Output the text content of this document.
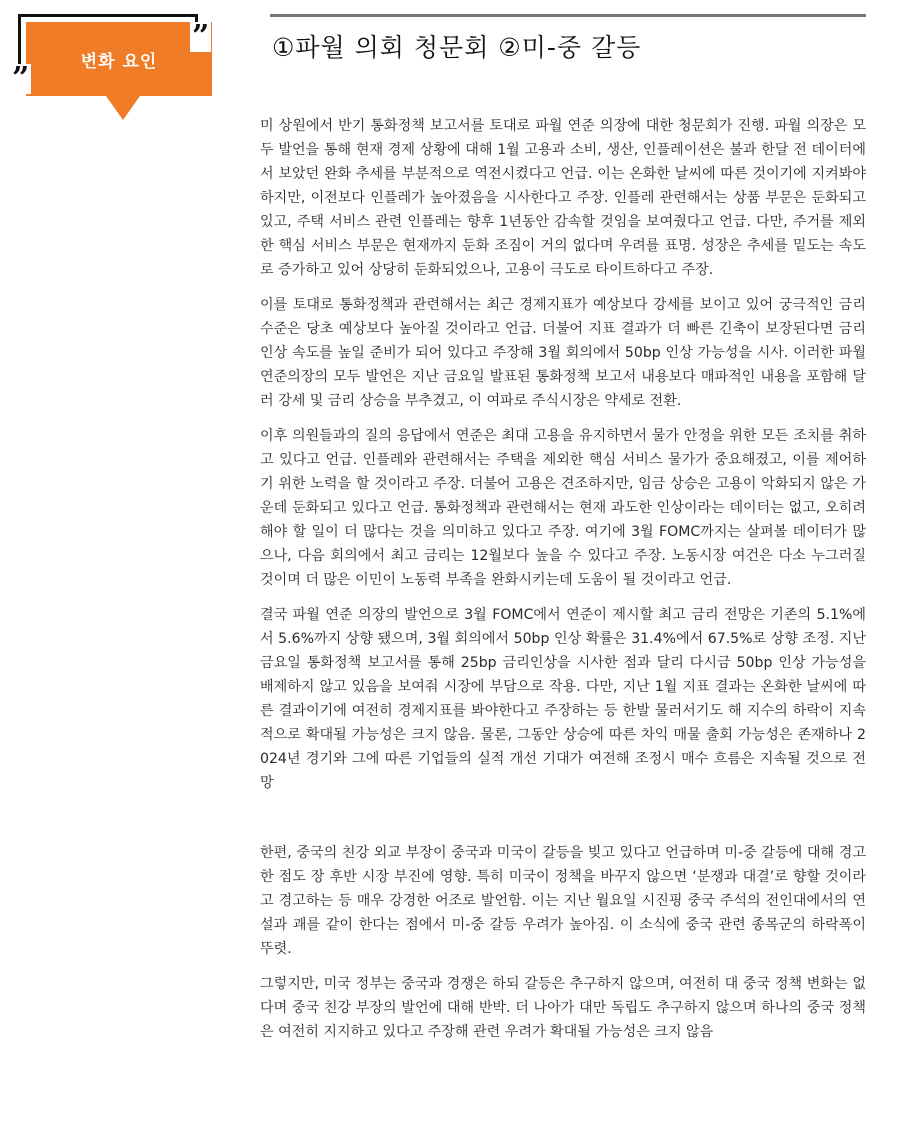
변화 요인
”
”
①파월 의회 청문회 ②미-중 갈등

미 상원에서 반기 통화정책 보고서를 토대로 파월 연준 의장에 대한 청문회가 진행. 파월 의장은 모두 발언을 통해 현재 경제 상황에 대해 1월 고용과 소비, 생산, 인플레이션은 불과 한달 전 데이터에서 보았던 완화 추세를 부분적으로 역전시켰다고 언급. 이는 온화한 날씨에 따른 것이기에 지켜봐야 하지만, 이전보다 인플레가 높아졌음을 시사한다고 주장. 인플레 관련해서는 상품 부문은 둔화되고 있고, 주택 서비스 관련 인플레는 향후 1년동안 감속할 것임을 보여줬다고 언급. 다만, 주거를 제외한 핵심 서비스 부문은 현재까지 둔화 조짐이 거의 없다며 우려를 표명. 성장은 추세를 밑도는 속도로 증가하고 있어 상당히 둔화되었으나, 고용이 극도로 타이트하다고 주장.

이를 토대로 통화정책과 관련해서는 최근 경제지표가 예상보다 강세를 보이고 있어 궁극적인 금리 수준은 당초 예상보다 높아질 것이라고 언급. 더불어 지표 결과가 더 빠른 긴축이 보장된다면 금리 인상 속도를 높일 준비가 되어 있다고 주장해 3월 회의에서 50bp 인상 가능성을 시사. 이러한 파월 연준의장의 모두 발언은 지난 금요일 발표된 통화정책 보고서 내용보다 매파적인 내용을 포함해 달러 강세 및 금리 상승을 부추겼고, 이 여파로 주식시장은 약세로 전환.

이후 의원들과의 질의 응답에서 연준은 최대 고용을 유지하면서 물가 안정을 위한 모든 조치를 취하고 있다고 언급. 인플레와 관련해서는 주택을 제외한 핵심 서비스 물가가 중요해졌고, 이를 제어하기 위한 노력을 할 것이라고 주장. 더불어 고용은 견조하지만, 임금 상승은 고용이 악화되지 않은 가운데 둔화되고 있다고 언급. 통화정책과 관련해서는 현재 과도한 인상이라는 데이터는 없고, 오히려 해야 할 일이 더 많다는 것을 의미하고 있다고 주장. 여기에 3월 FOMC까지는 살펴볼 데이터가 많으나, 다음 회의에서 최고 금리는 12월보다 높을 수 있다고 주장. 노동시장 여건은 다소 누그러질 것이며 더 많은 이민이 노동력 부족을 완화시키는데 도움이 될 것이라고 언급.

결국 파월 연준 의장의 발언으로 3월 FOMC에서 연준이 제시할 최고 금리 전망은 기존의 5.1%에서 5.6%까지 상향 됐으며, 3월 회의에서 50bp 인상 확률은 31.4%에서 67.5%로 상향 조정. 지난 금요일 통화정책 보고서를 통해 25bp 금리인상을 시사한 점과 달리 다시금 50bp 인상 가능성을 배제하지 않고 있음을 보여줘 시장에 부담으로 작용. 다만, 지난 1월 지표 결과는 온화한 날씨에 따른 결과이기에 여전히 경제지표를 봐야한다고 주장하는 등 한발 물러서기도 해 지수의 하락이 지속적으로 확대될 가능성은 크지 않음. 물론, 그동안 상승에 따른 차익 매물 출회 가능성은 존재하나 2024년 경기와 그에 따른 기업들의 실적 개선 기대가 여전해 조정시 매수 흐름은 지속될 것으로 전망

한편, 중국의 친강 외교 부장이 중국과 미국이 갈등을 빚고 있다고 언급하며 미-중 갈등에 대해 경고한 점도 장 후반 시장 부진에 영향. 특히 미국이 정책을 바꾸지 않으면 ‘분쟁과 대결’로 향할 것이라고 경고하는 등 매우 강경한 어조로 발언함. 이는 지난 월요일 시진핑 중국 주석의 전인대에서의 연설과 괘를 같이 한다는 점에서 미-중 갈등 우려가 높아짐. 이 소식에 중국 관련 종목군의 하락폭이 뚜렷.

그렇지만, 미국 정부는 중국과 경쟁은 하되 갈등은 추구하지 않으며, 여전히 대 중국 정책 변화는 없다며 중국 친강 부장의 발언에 대해 반박. 더 나아가 대만 독립도 추구하지 않으며 하나의 중국 정책은 여전히 지지하고 있다고 주장해 관련 우려가 확대될 가능성은 크지 않음
